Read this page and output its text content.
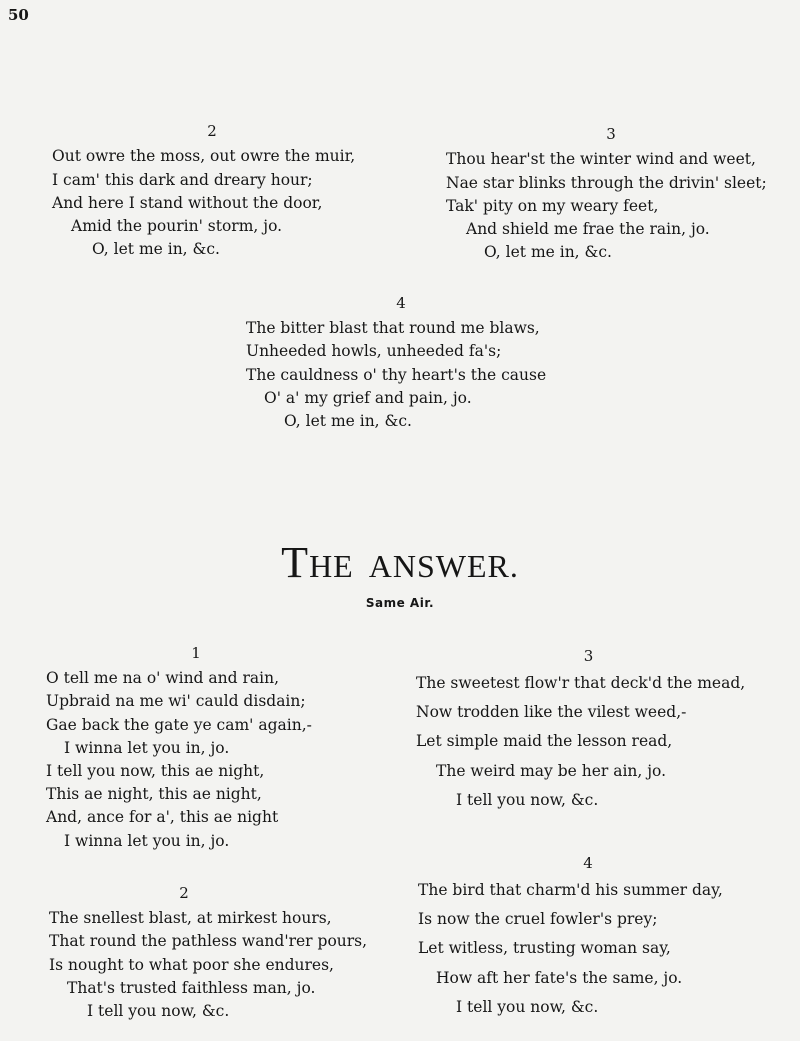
50
2
Out owre the moss, out owre the muir,
I cam' this dark and dreary hour;
And here I stand without the door,
Amid the pourin' storm, jo.
O, let me in, &c.
3
Thou hear'st the winter wind and weet,
Nae star blinks through the drivin' sleet;
Tak' pity on my weary feet,
And shield me frae the rain, jo.
O, let me in, &c.
4
The bitter blast that round me blaws,
Unheeded howls, unheeded fa's;
The cauldness o' thy heart's the cause
O' a' my grief and pain, jo.
O, let me in, &c.
THE ANSWER.
Same Air.
1
O tell me na o' wind and rain,
Upbraid na me wi' cauld disdain;
Gae back the gate ye cam' again,-
I winna let you in, jo.
I tell you now, this ae night,
This ae night, this ae night,
And, ance for a', this ae night
I winna let you in, jo.
3
The sweetest flow'r that deck'd the mead,
Now trodden like the vilest weed,-
Let simple maid the lesson read,
The weird may be her ain, jo.
I tell you now, &c.
2
The snellest blast, at mirkest hours,
That round the pathless wand'rer pours,
Is nought to what poor she endures,
That's trusted faithless man, jo.
I tell you now, &c.
4
The bird that charm'd his summer day,
Is now the cruel fowler's prey;
Let witless, trusting woman say,
How aft her fate's the same, jo.
I tell you now, &c.
